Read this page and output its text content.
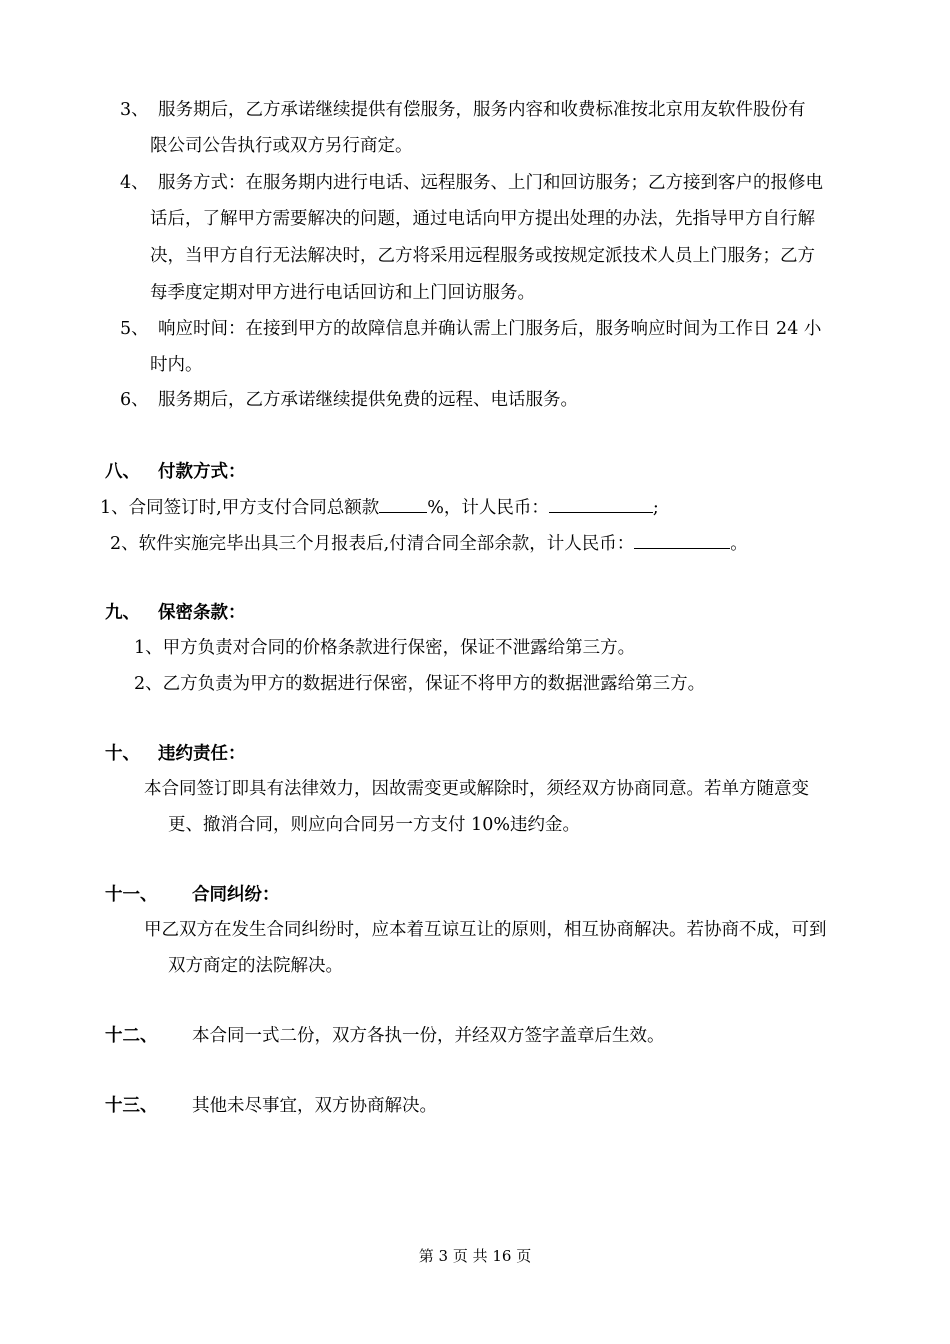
3、 服务期后，乙方承诺继续提供有偿服务，服务内容和收费标准按北京用友软件股份有
限公司公告执行或双方另行商定。
4、 服务方式：在服务期内进行电话、远程服务、上门和回访服务；乙方接到客户的报修电
话后，了解甲方需要解决的问题，通过电话向甲方提出处理的办法，先指导甲方自行解
决，当甲方自行无法解决时，乙方将采用远程服务或按规定派技术人员上门服务；乙方
每季度定期对甲方进行电话回访和上门回访服务。
5、 响应时间：在接到甲方的故障信息并确认需上门服务后，服务响应时间为工作日 24 小
时内。
6、 服务期后，乙方承诺继续提供免费的远程、电话服务。
八、 付款方式：
1、合同签订时,甲方支付合同总额款	%，计人民币：	;
2、软件实施完毕出具三个月报表后,付清合同全部余款，计人民币：	。
九、 保密条款：
1、甲方负责对合同的价格条款进行保密，保证不泄露给第三方。
2、乙方负责为甲方的数据进行保密，保证不将甲方的数据泄露给第三方。
十、 违约责任：
本合同签订即具有法律效力，因故需变更或解除时，须经双方协商同意。若单方随意变
更、撤消合同，则应向合同另一方支付 10%违约金。
十一、 合同纠纷：
甲乙双方在发生合同纠纷时，应本着互谅互让的原则，相互协商解决。若协商不成，可到
双方商定的法院解决。
十二、 本合同一式二份，双方各执一份，并经双方签字盖章后生效。
十三、 其他未尽事宜，双方协商解决。
第 3 页 共 16 页
